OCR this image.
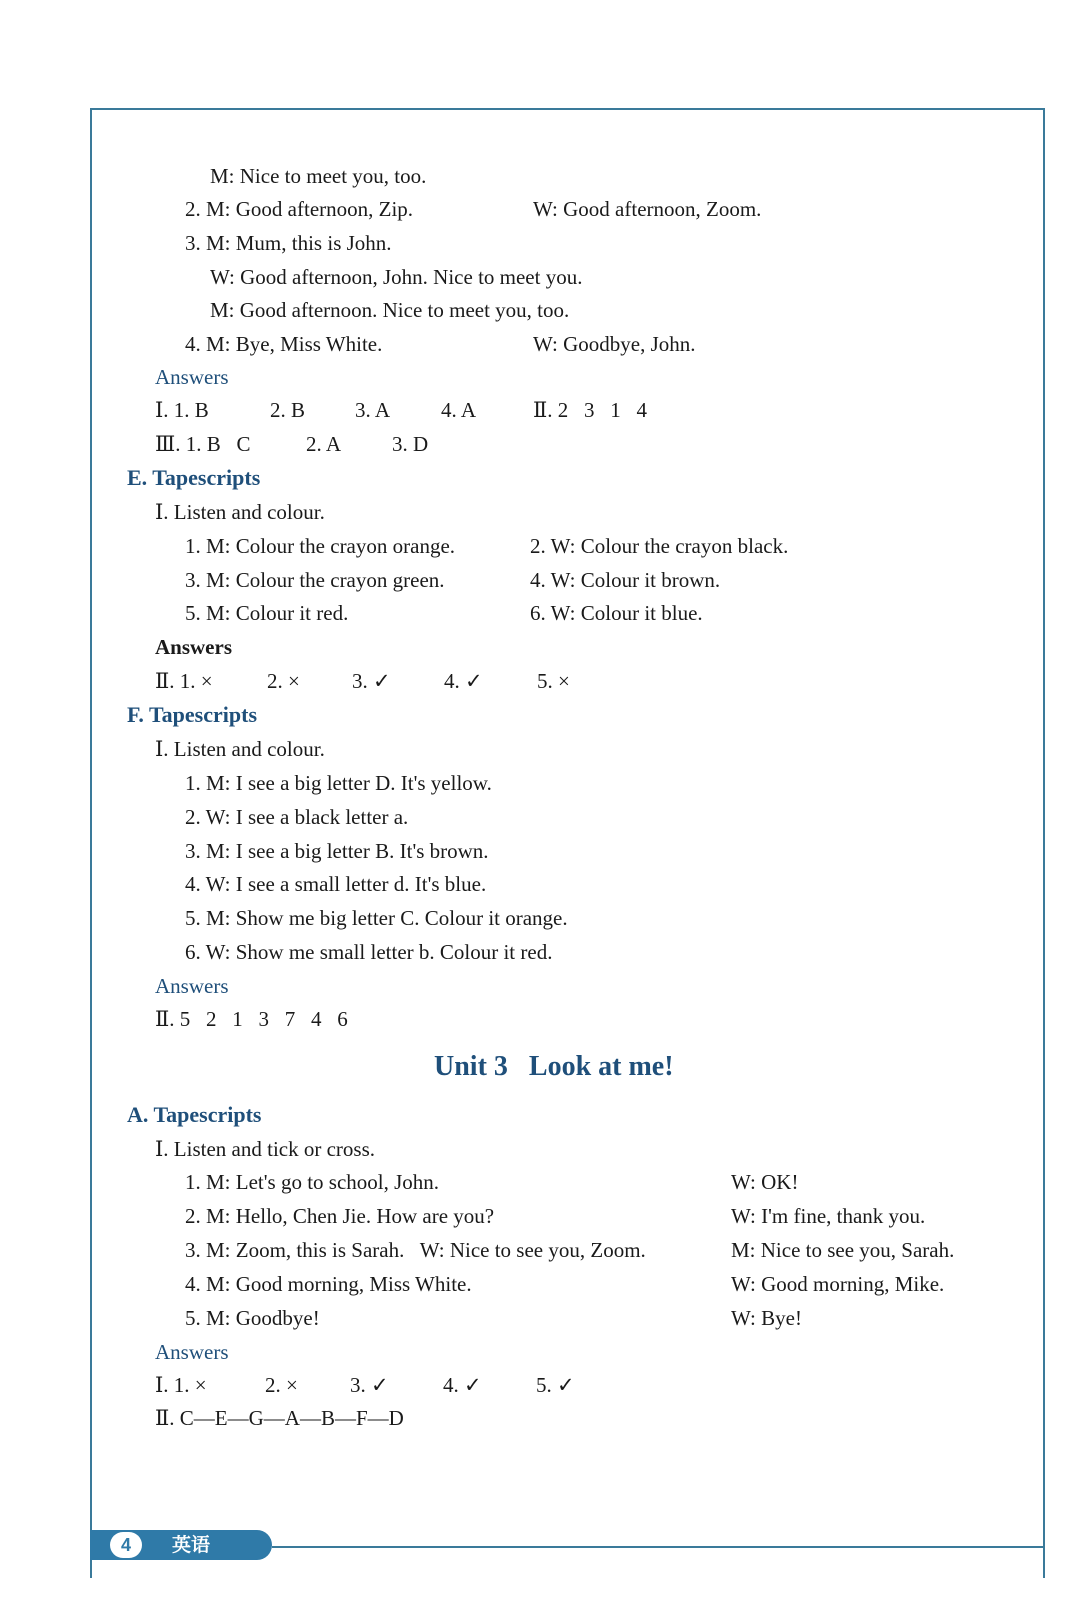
M: Nice to meet you, too.
2. M: Good afternoon, Zip.	W: Good afternoon, Zoom.
3. M: Mum, this is John.
W: Good afternoon, John. Nice to meet you.
M: Good afternoon. Nice to meet you, too.
4. M: Bye, Miss White.	W: Goodbye, John.
Answers
Ⅰ. 1. B	2. B 3. A 4. A	Ⅱ. 2   3   1   4
Ⅲ. 1. B   C	2. A 3. D
E. Tapescripts
Ⅰ. Listen and colour.
1. M: Colour the crayon orange.	2. W: Colour the crayon black.
3. M: Colour the crayon green.	4. W: Colour it brown.
5. M: Colour it red.	6. W: Colour it blue.
Answers
Ⅱ. 1. ×	2. × 3. ✓	4. ✓	5. ×
F. Tapescripts
Ⅰ. Listen and colour.
1. M: I see a big letter D. It's yellow.
2. W: I see a black letter a.
3. M: I see a big letter B. It's brown.
4. W: I see a small letter d. It's blue.
5. M: Show me big letter C. Colour it orange.
6. W: Show me small letter b. Colour it red.
Answers
Ⅱ. 5   2   1   3   7   4   6
Unit 3   Look at me!
A. Tapescripts
Ⅰ. Listen and tick or cross.
1. M: Let's go to school, John.	W: OK!
2. M: Hello, Chen Jie. How are you?	W: I'm fine, thank you.
3. M: Zoom, this is Sarah.   W: Nice to see you, Zoom.	M: Nice to see you, Sarah.
4. M: Good morning, Miss White.	W: Good morning, Mike.
5. M: Goodbye!	W: Bye!
Answers
Ⅰ. 1. ×	2. × 3. ✓	4. ✓	5. ✓
Ⅱ. C—E—G—A—B—F—D
4	英语
